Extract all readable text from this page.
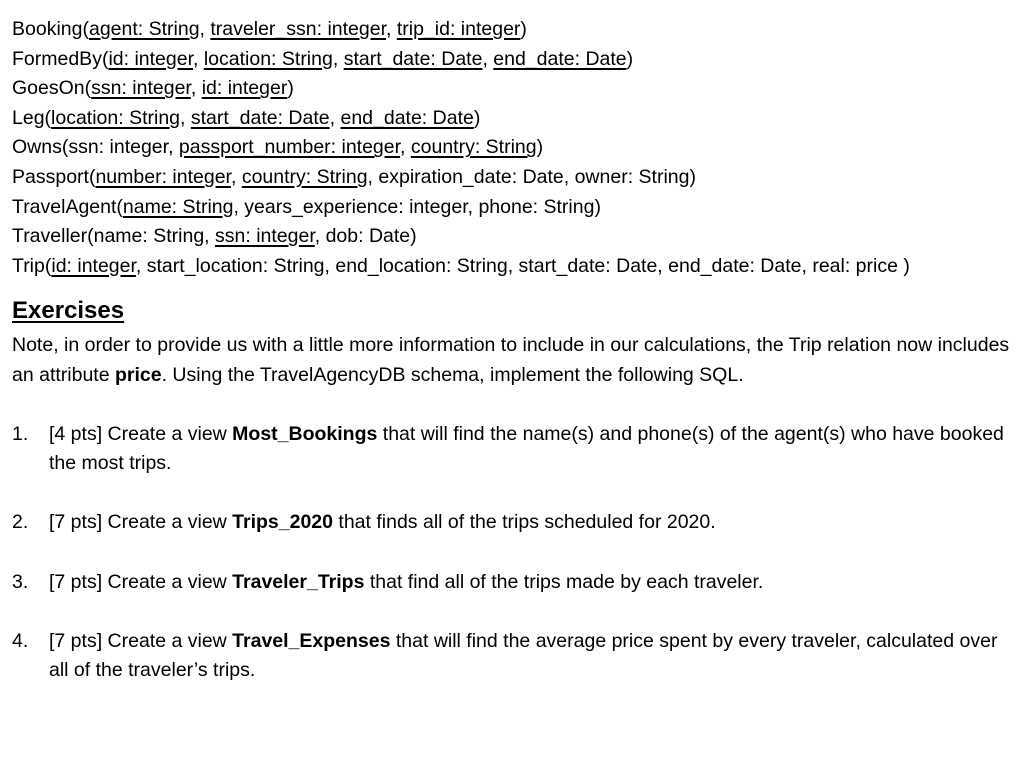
Booking(agent: String, traveler_ssn: integer, trip_id: integer)
FormedBy(id: integer, location: String, start_date: Date, end_date: Date)
GoesOn(ssn: integer, id: integer)
Leg(location: String, start_date: Date, end_date: Date)
Owns(ssn: integer, passport_number: integer, country: String)
Passport(number: integer, country: String, expiration_date: Date, owner: String)
TravelAgent(name: String, years_experience: integer, phone: String)
Traveller(name: String, ssn: integer, dob: Date)
Trip(id: integer, start_location: String, end_location: String, start_date: Date, end_date: Date, real: price )
Exercises
Note, in order to provide us with a little more information to include in our calculations, the Trip relation now includes an attribute price. Using the TravelAgencyDB schema, implement the following SQL.
1.	[4 pts] Create a view Most_Bookings that will find the name(s) and phone(s) of the agent(s) who have booked the most trips.
2.	[7 pts] Create a view Trips_2020 that finds all of the trips scheduled for 2020.
3.	[7 pts] Create a view Traveler_Trips that find all of the trips made by each traveler.
4.	[7 pts] Create a view Travel_Expenses that will find the average price spent by every traveler, calculated over all of the traveler’s trips.
